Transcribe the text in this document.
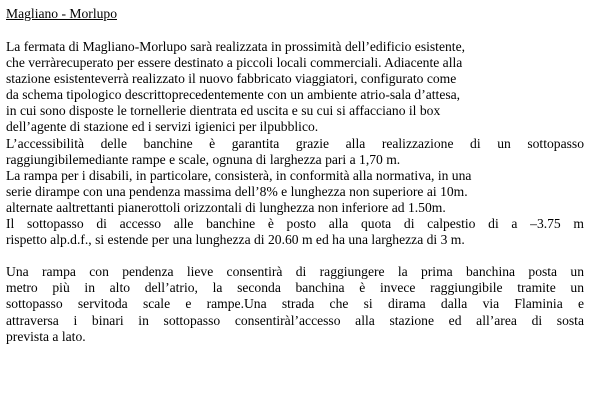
Magliano - Morlupo
La fermata di Magliano-Morlupo sarà realizzata in prossimità dell’edificio esistente,
che verràrecuperato per essere destinato a piccoli locali commerciali. Adiacente alla
stazione esistenteverrà realizzato il nuovo fabbricato viaggiatori, configurato come
da schema tipologico descrittoprecedentemente con un ambiente atrio-sala d’attesa,
in cui sono disposte le tornellerie dientrata ed uscita e su cui si affacciano il box
dell’agente di stazione ed i servizi igienici per ilpubblico.
L’accessibilità delle banchine è garantita grazie alla realizzazione di un sottopasso
raggiungibilemediante rampe e scale, ognuna di larghezza pari a 1,70 m.
La rampa per i disabili, in particolare, consisterà, in conformità alla normativa, in una
serie dirampe con una pendenza massima dell’8% e lunghezza non superiore ai 10m.
alternate aaltrettanti pianerottoli orizzontali di lunghezza non inferiore ad 1.50m.
Il sottopasso di accesso alle banchine è posto alla quota di calpestio di a –3.75 m
rispetto alp.d.f., si estende per una lunghezza di 20.60 m ed ha una larghezza di 3 m.
Una rampa con pendenza lieve consentirà di raggiungere la prima banchina posta un
metro più in alto dell’atrio, la seconda banchina è invece raggiungibile tramite un
sottopasso servitoda scale e rampe.Una strada che si dirama dalla via Flaminia e
attraversa i binari in sottopasso consentiràl’accesso alla stazione ed all’area di sosta
prevista a lato.
